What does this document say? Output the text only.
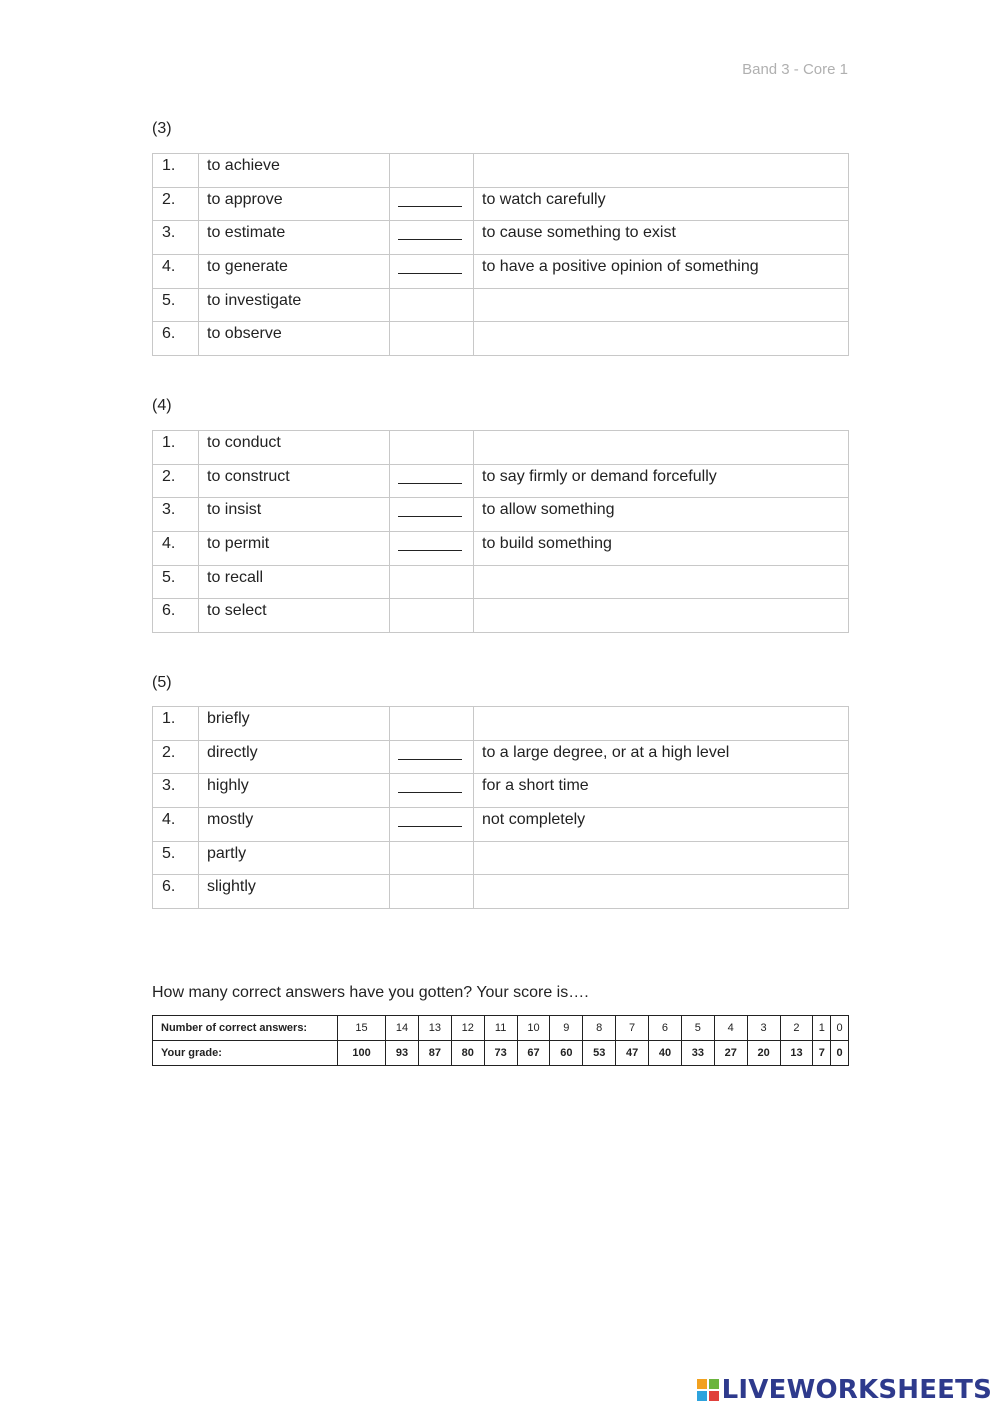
Band 3 - Core 1
(3)
1.	to achieve		
2.	to approve		to watch carefully
3.	to estimate		to cause something to exist
4.	to generate		to have a positive opinion of something
5.	to investigate		
6.	to observe		
(4)
1.	to conduct		
2.	to construct		to say firmly or demand forcefully
3.	to insist		to allow something
4.	to permit		to build something
5.	to recall		
6.	to select		
(5)
1.	briefly		
2.	directly		to a large degree, or at a high level
3.	highly		for a short time
4.	mostly		not completely
5.	partly		
6.	slightly		
How many correct answers have you gotten? Your score is….
Number of correct answers:	15	14	13	12	11	10	9	8	7	6	5	4	3	2	1	0
Your grade:	100	93	87	80	73	67	60	53	47	40	33	27	20	13	7	0
LIVEWORKSHEETS
